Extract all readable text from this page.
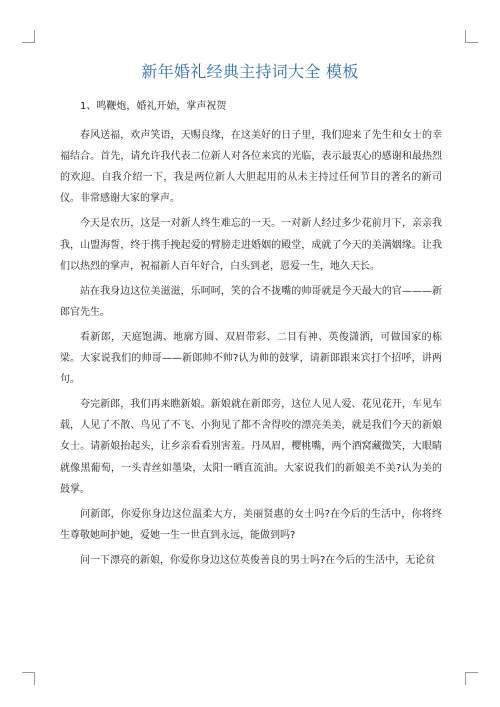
新年婚礼经典主持词大全 模板

1、鸣鞭炮，婚礼开始，掌声祝贺

春风送福，欢声笑语，天赐良缘，在这美好的日子里，我们迎来了先生和女士的幸福结合。首先，请允许我代表二位新人对各位来宾的光临，表示最衷心的感谢和最热烈的欢迎。自我介绍一下，我是两位新人大胆起用的从未主持过任何节目的著名的新司仪。非常感谢大家的掌声。

今天是农历，这是一对新人终生难忘的一天。一对新人经过多少花前月下，亲亲我我，山盟海誓，终于携手挽起爱的臂膀走进婚姻的殿堂，成就了今天的美满姻缘。让我们以热烈的掌声，祝福新人百年好合，白头到老，恩爱一生，地久天长。

站在我身边这位美滋滋，乐呵呵，笑的合不拢嘴的帅哥就是今天最大的官———新郎官先生。

看新郎，天庭饱满、地廓方圆、双眉带彩、二目有神、英俊潇洒，可做国家的栋梁。大家说我们的帅哥——新郎帅不帅?认为帅的鼓掌，请新郎跟来宾打个招呼，讲两句。

夸完新郎，我们再来瞧新娘。新娘就在新郎旁，这位人见人爱、花见花开，车见车载，人见了不散、鸟见了不飞、小狗见了都不舍得咬的漂亮美美，就是我们今天的新娘女士。请新娘抬起头，让乡亲看看别害羞。丹凤眉，樱桃嘴，两个酒窝藏微笑，大眼睛就像黑葡萄，一头青丝如墨染，太阳一晒直流油。大家说我们的新娘美不美?认为美的鼓掌。

问新郎，你爱你身边这位温柔大方，美丽贤惠的女士吗?在今后的生活中，你将终生尊敬她呵护她，爱她一生一世直到永远，能做到吗?

问一下漂亮的新娘，你爱你身边这位英俊善良的男士吗?在今后的生活中，无论贫
